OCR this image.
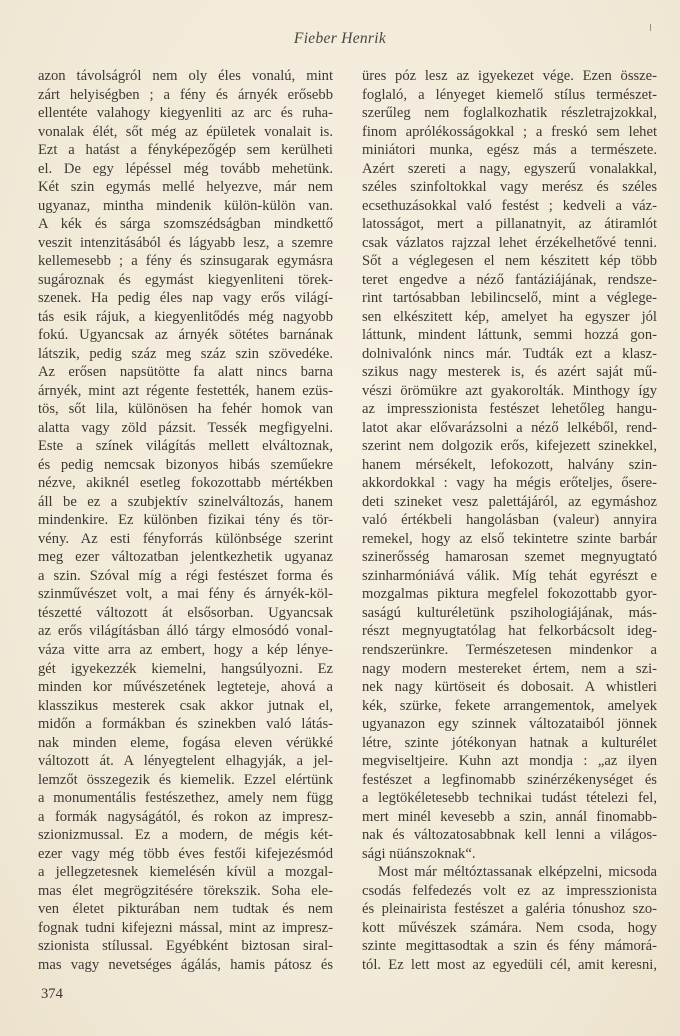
Fieber Henrik
azon távolságról nem oly éles vonalú, mint
zárt helyiségben ; a fény és árnyék erősebb
ellentéte valahogy kiegyenliti az arc és ruha-
vonalak élét, sőt még az épületek vonalait is.
Ezt a hatást a fényképezőgép sem kerülheti
el. De egy lépéssel még tovább mehetünk.
Két szin egymás mellé helyezve, már nem
ugyanaz, mintha mindenik külön-külön van.
A kék és sárga szomszédságban mindkettő
veszit intenzitásából és lágyabb lesz, a szemre
kellemesebb ; a fény és szinsugarak egymásra
sugároznak és egymást kiegyenliteni törek-
szenek. Ha pedig éles nap vagy erős világí-
tás esik rájuk, a kiegyenlitődés még nagyobb
fokú. Ugyancsak az árnyék sötétes barnának
látszik, pedig száz meg száz szin szövedéke.
Az erősen napsütötte fa alatt nincs barna
árnyék, mint azt régente festették, hanem ezüs-
tös, sőt lila, különösen ha fehér homok van
alatta vagy zöld pázsit. Tessék megfigyelni.
Este a színek világítás mellett elváltoznak,
és pedig nemcsak bizonyos hibás szeműekre
nézve, akiknél esetleg fokozottabb mértékben
áll be ez a szubjektív szinelváltozás, hanem
mindenkire. Ez különben fizikai tény és tör-
vény. Az esti fényforrás különbsége szerint
meg ezer változatban jelentkezhetik ugyanaz
a szin. Szóval míg a régi festészet forma és
szinművészet volt, a mai fény és árnyék-köl-
tészetté változott át elsősorban. Ugyancsak
az erős világításban álló tárgy elmosódó vonal-
váza vitte arra az embert, hogy a kép lénye-
gét igyekezzék kiemelni, hangsúlyozni. Ez
minden kor művészetének legteteje, ahová a
klasszikus mesterek csak akkor jutnak el,
midőn a formákban és szinekben való látás-
nak minden eleme, fogása eleven vérükké
változott át. A lényegtelent elhagyják, a jel-
lemzőt összegezik és kiemelik. Ezzel elértünk
a monumentális festészethez, amely nem függ
a formák nagyságától, és rokon az impresz-
szionizmussal. Ez a modern, de mégis két-
ezer vagy még több éves festői kifejezésmód
a jellegzetesnek kiemelésén kívül a mozgal-
mas élet megrögzitésére törekszik. Soha ele-
ven életet pikturában nem tudtak és nem
fognak tudni kifejezni mással, mint az impresz-
szionista stílussal. Egyébként biztosan siral-
mas vagy nevetséges ágálás, hamis pátosz és
üres póz lesz az igyekezet vége. Ezen össze-
foglaló, a lényeget kiemelő stílus természet-
szerűleg nem foglalkozhatik részletrajzokkal,
finom aprólékosságokkal ; a freskó sem lehet
miniátori munka, egész más a természete.
Azért szereti a nagy, egyszerű vonalakkal,
széles szinfoltokkal vagy merész és széles
ecsethuzásokkal való festést ; kedveli a váz-
latosságot, mert a pillanatnyit, az átiramlót
csak vázlatos rajzzal lehet érzékelhetővé tenni.
Sőt a véglegesen el nem készitett kép több
teret engedve a néző fantáziájának, rendsze-
rint tartósabban lebilincselő, mint a véglege-
sen elkészitett kép, amelyet ha egyszer jól
láttunk, mindent láttunk, semmi hozzá gon-
dolnivalónk nincs már. Tudták ezt a klasz-
szikus nagy mesterek is, és azért saját mű-
vészi örömükre azt gyakorolták. Minthogy így
az impresszionista festészet lehetőleg hangu-
latot akar elővarázsolni a néző lelkéből, rend-
szerint nem dolgozik erős, kifejezett szinekkel,
hanem mérsékelt, lefokozott, halvány szin-
akkordokkal : vagy ha mégis erőteljes, őserе-
deti szineket vesz palettájáról, az egymáshoz
való értékbeli hangolásban (valeur) annyira
remekel, hogy az első tekintetre szinte barbár
szinerősség hamarosan szemet megnyugtató
szinharmóniává válik. Míg tehát egyrészt e
mozgalmas piktura megfelel fokozottabb gyor-
saságú kulturéletünk pszihologiájának, más-
részt megnyugtatólag hat felkorbácsolt ideg-
rendszerünkre. Természetesen mindenkor a
nagy modern mestereket értem, nem a szi-
nek nagy kürtöseit és dobosait. A whistleri
kék, szürke, fekete arrangementok, amelyek
ugyanazon egy szinnek változataiból jönnek
létre, szinte jótékonyan hatnak a kulturélet
megviseltjeire. Kuhn azt mondja : „az ilyen
festészet a legfinomabb szinérzékenységet és
a legtökéletesebb technikai tudást tételezi fel,
mert minél kevesebb a szin, annál finomabb-
nak és változatosabbnak kell lenni a világos-
sági nüánszoknak“.
Most már méltóztassanak elképzelni, micsoda
csodás felfedezés volt ez az impresszionista
és pleinairista festészet a galéria tónushoz szo-
kott művészek számára. Nem csoda, hogy
szinte megittasodtak a szin és fény mámorá-
tól. Ez lett most az egyedüli cél, amit keresni,
374
